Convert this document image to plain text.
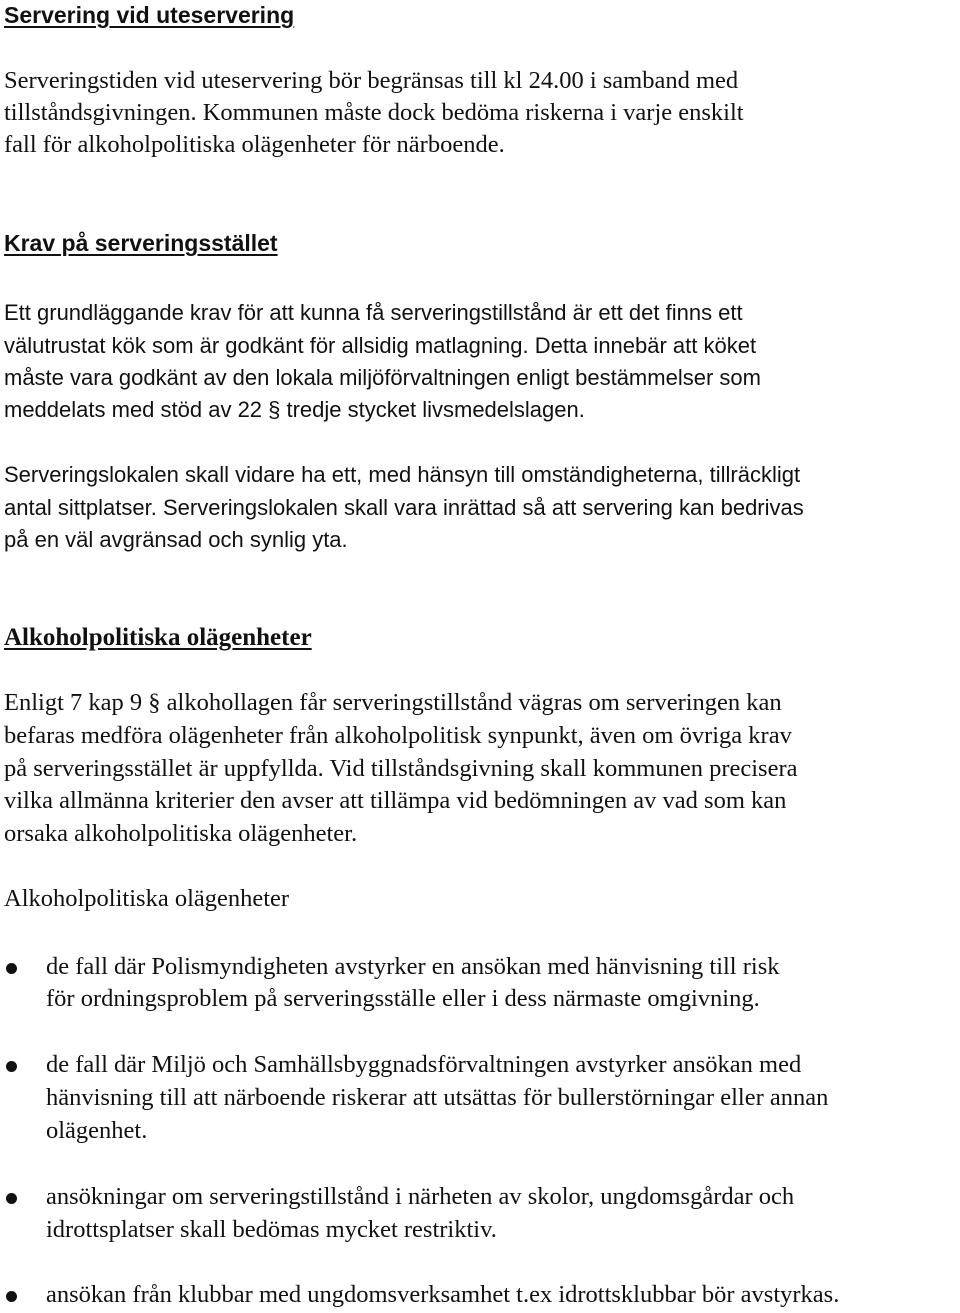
Servering vid uteservering

Serveringstiden vid uteservering bör begränsas till kl 24.00 i samband med

tillståndsgivningen. Kommunen måste dock bedöma riskerna i varje enskilt

fall för alkoholpolitiska olägenheter för närboende.

Krav på serveringsstället

Ett grundläggande krav för att kunna få serveringstillstånd är ett det finns ett

välutrustat kök som är godkänt för allsidig matlagning. Detta innebär att köket

måste vara godkänt av den lokala miljöförvaltningen enligt bestämmelser som

meddelats med stöd av 22 § tredje stycket livsmedelslagen.

Serveringslokalen skall vidare ha ett, med hänsyn till omständigheterna, tillräckligt

antal sittplatser. Serveringslokalen skall vara inrättad så att servering kan bedrivas

på en väl avgränsad och synlig yta.

Alkoholpolitiska olägenheter

Enligt 7 kap 9 § alkohollagen får serveringstillstånd vägras om serveringen kan

befaras medföra olägenheter från alkoholpolitisk synpunkt, även om övriga krav

på serveringsstället är uppfyllda. Vid tillståndsgivning skall kommunen precisera

vilka allmänna kriterier den avser att tillämpa vid bedömningen av vad som kan

orsaka alkoholpolitiska olägenheter.

Alkoholpolitiska olägenheter

de fall där Polismyndigheten avstyrker en ansökan med hänvisning till risk

för ordningsproblem på serveringsställe eller i dess närmaste omgivning.

de fall där Miljö och Samhällsbyggnadsförvaltningen avstyrker ansökan med

hänvisning till att närboende riskerar att utsättas för bullerstörningar eller annan

olägenhet.

ansökningar om serveringstillstånd i närheten av skolor, ungdomsgårdar och

idrottsplatser skall bedömas mycket restriktiv.

ansökan från klubbar med ungdomsverksamhet t.ex idrottsklubbar bör avstyrkas.
